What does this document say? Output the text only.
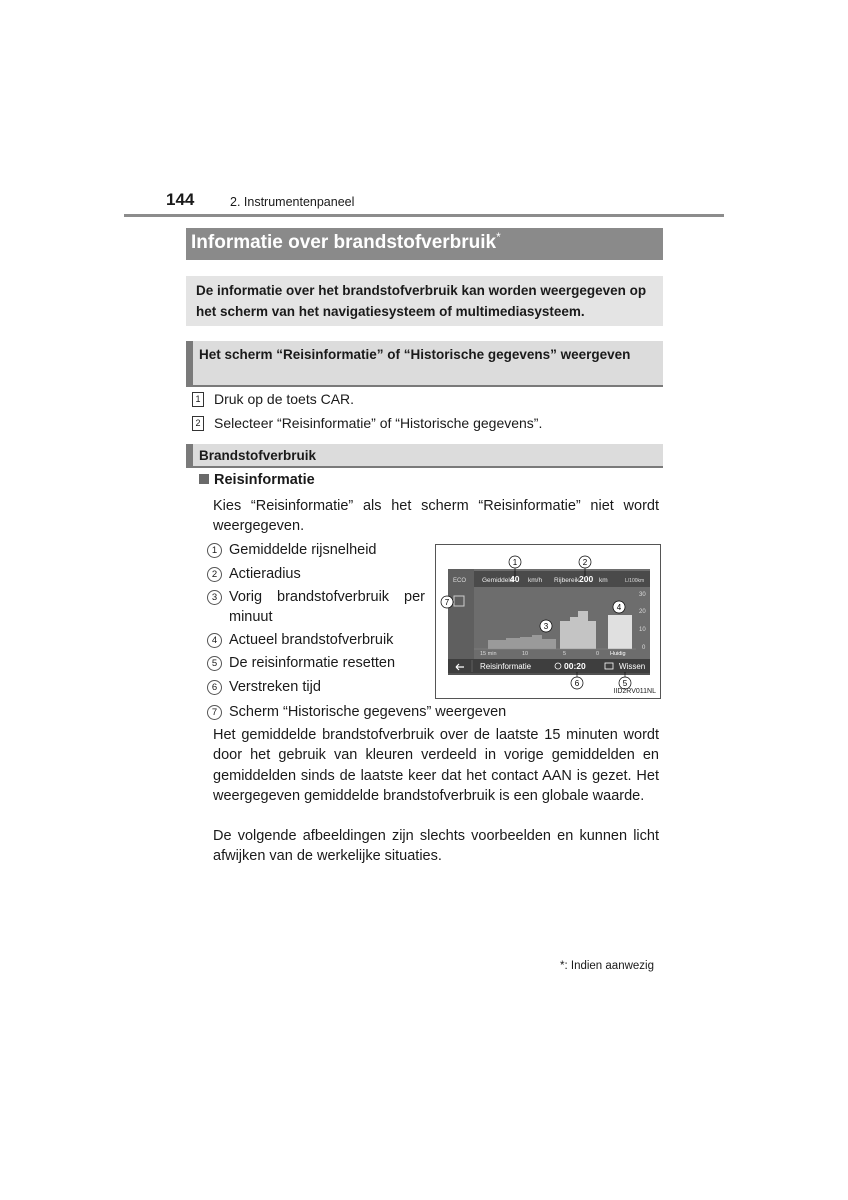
144	2. Instrumentenpaneel
Informatie over brandstofverbruik*
De informatie over het brandstofverbruik kan worden weergegeven op het scherm van het navigatiesysteem of multimediasysteem.
Het scherm “Reisinformatie” of “Historische gegevens” weergeven
1 Druk op de toets CAR.
2 Selecteer “Reisinformatie” of “Historische gegevens”.
Brandstofverbruik
Reisinformatie
Kies “Reisinformatie” als het scherm “Reisinformatie” niet wordt weergegeven.
1 Gemiddelde rijsnelheid
2 Actieradius
3 Vorig brandstofverbruik per minuut
4 Actueel brandstofverbruik
5 De reisinformatie resetten
6 Verstreken tijd
7 Scherm “Historische gegevens” weergeven
Gemiddeld
40 km/h Rijbereik 200 km	L/100km
30
20
10
0
15 min	10	5	0 Huidig
ECO
Reisinformatie	00:20	Wissen
1	2
3
4
5
6
7
IID2RV011NL
Het gemiddelde brandstofverbruik over de laatste 15 minuten wordt door het gebruik van kleuren verdeeld in vorige gemiddelden en gemiddelden sinds de laatste keer dat het contact AAN is gezet. Het weergegeven gemiddelde brandstofverbruik is een globale waarde.
De volgende afbeeldingen zijn slechts voorbeelden en kunnen licht afwijken van de werkelijke situaties.
*: Indien aanwezig
